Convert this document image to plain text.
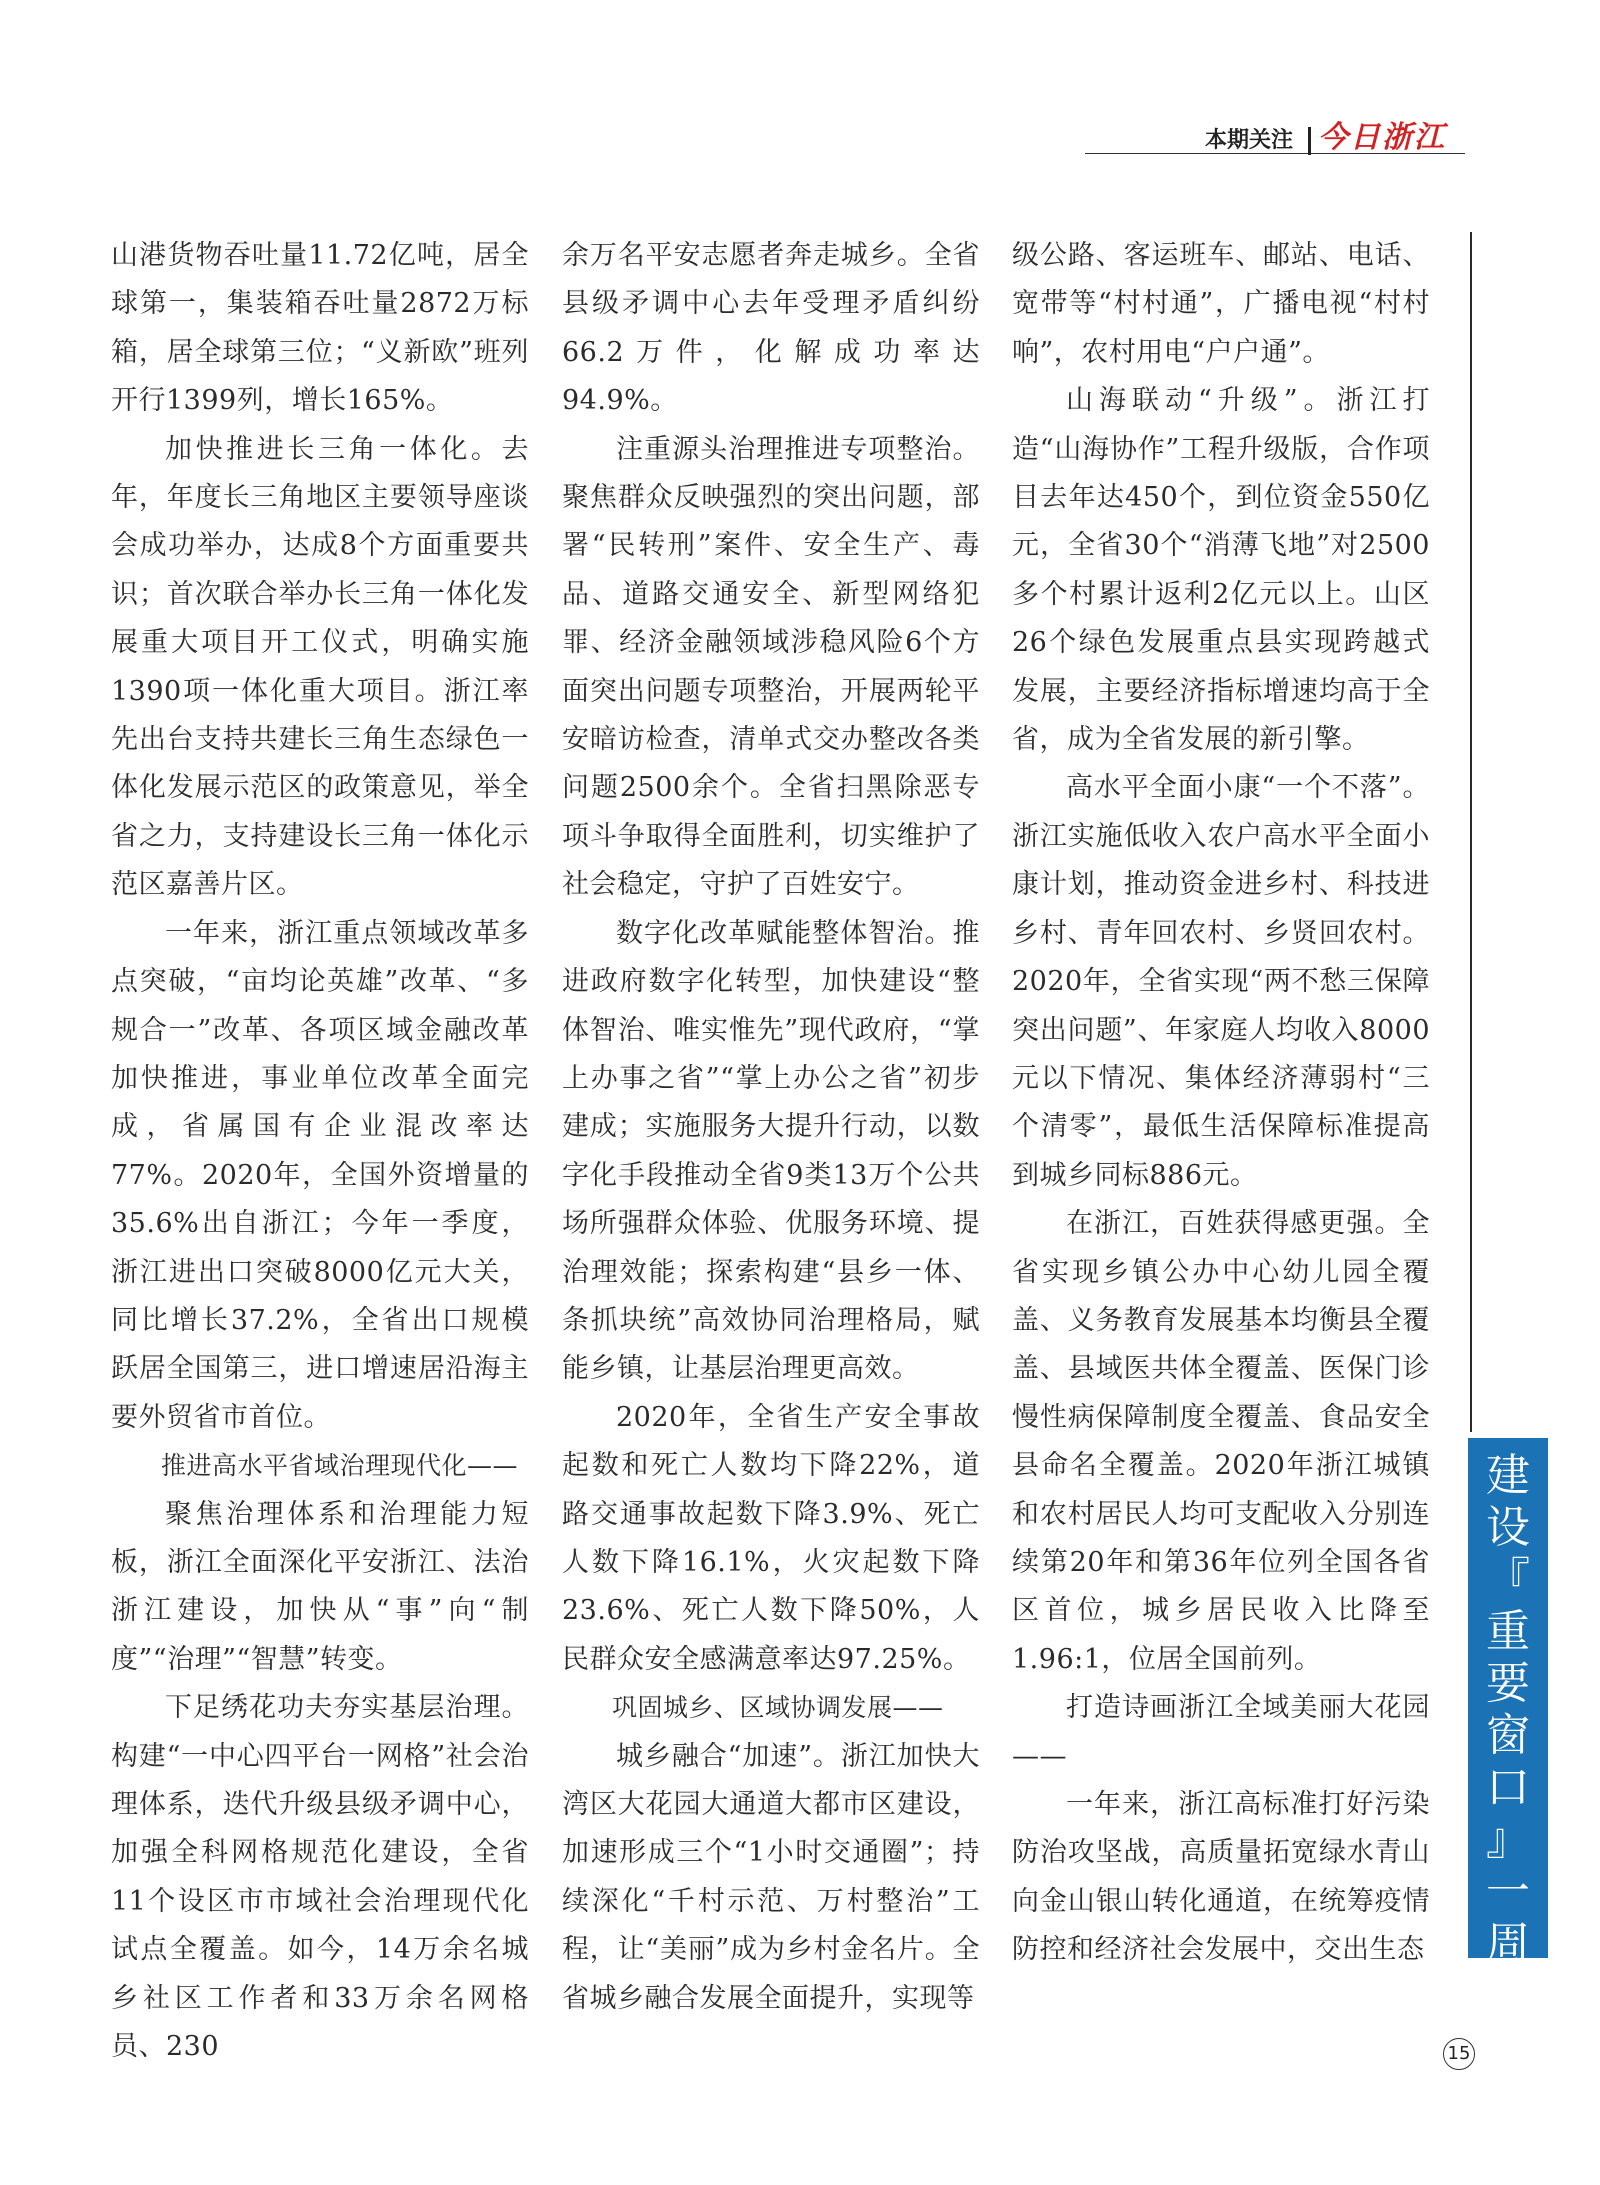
本期关注 今日浙江

山港货物吞吐量11.72亿吨，居全球第一，集装箱吞吐量2872万标箱，居全球第三位；“义新欧”班列开行1399列，增长165%。

加快推进长三角一体化。去年，年度长三角地区主要领导座谈会成功举办，达成8个方面重要共识；首次联合举办长三角一体化发展重大项目开工仪式，明确实施1390项一体化重大项目。浙江率先出台支持共建长三角生态绿色一体化发展示范区的政策意见，举全省之力，支持建设长三角一体化示范区嘉善片区。

一年来，浙江重点领域改革多点突破，“亩均论英雄”改革、“多规合一”改革、各项区域金融改革加快推进，事业单位改革全面完成，省属国有企业混改率达77%。2020年，全国外资增量的35.6%出自浙江；今年一季度，浙江进出口突破8000亿元大关，同比增长37.2%，全省出口规模跃居全国第三，进口增速居沿海主要外贸省市首位。

推进高水平省域治理现代化——

聚焦治理体系和治理能力短板，浙江全面深化平安浙江、法治浙江建设，加快从“事”向“制度”“治理”“智慧”转变。

下足绣花功夫夯实基层治理。构建“一中心四平台一网格”社会治理体系，迭代升级县级矛调中心，加强全科网格规范化建设，全省11个设区市市域社会治理现代化试点全覆盖。如今，14万余名城乡社区工作者和33万余名网格员、230

余万名平安志愿者奔走城乡。全省县级矛调中心去年受理矛盾纠纷66.2万件，化解成功率达94.9%。

注重源头治理推进专项整治。聚焦群众反映强烈的突出问题，部署“民转刑”案件、安全生产、毒品、道路交通安全、新型网络犯罪、经济金融领域涉稳风险6个方面突出问题专项整治，开展两轮平安暗访检查，清单式交办整改各类问题2500余个。全省扫黑除恶专项斗争取得全面胜利，切实维护了社会稳定，守护了百姓安宁。

数字化改革赋能整体智治。推进政府数字化转型，加快建设“整体智治、唯实惟先”现代政府，“掌上办事之省”“掌上办公之省”初步建成；实施服务大提升行动，以数字化手段推动全省9类13万个公共场所强群众体验、优服务环境、提治理效能；探索构建“县乡一体、条抓块统”高效协同治理格局，赋能乡镇，让基层治理更高效。

2020年，全省生产安全事故起数和死亡人数均下降22%，道路交通事故起数下降3.9%、死亡人数下降16.1%，火灾起数下降23.6%、死亡人数下降50%，人民群众安全感满意率达97.25%。

巩固城乡、区域协调发展——

城乡融合“加速”。浙江加快大湾区大花园大通道大都市区建设，加速形成三个“1小时交通圈”；持续深化“千村示范、万村整治”工程，让“美丽”成为乡村金名片。全省城乡融合发展全面提升，实现等

级公路、客运班车、邮站、电话、宽带等“村村通”，广播电视“村村响”，农村用电“户户通”。

山海联动“升级”。浙江打造“山海协作”工程升级版，合作项目去年达450个，到位资金550亿元，全省30个“消薄飞地”对2500多个村累计返利2亿元以上。山区26个绿色发展重点县实现跨越式发展，主要经济指标增速均高于全省，成为全省发展的新引擎。

高水平全面小康“一个不落”。浙江实施低收入农户高水平全面小康计划，推动资金进乡村、科技进乡村、青年回农村、乡贤回农村。2020年，全省实现“两不愁三保障突出问题”、年家庭人均收入8000元以下情况、集体经济薄弱村“三个清零”，最低生活保障标准提高到城乡同标886元。

在浙江，百姓获得感更强。全省实现乡镇公办中心幼儿园全覆盖、义务教育发展基本均衡县全覆盖、县域医共体全覆盖、医保门诊慢性病保障制度全覆盖、食品安全县命名全覆盖。2020年浙江城镇和农村居民人均可支配收入分别连续第20年和第36年位列全国各省区首位，城乡居民收入比降至1.96:1，位居全国前列。

打造诗画浙江全域美丽大花园——

一年来，浙江高标准打好污染防治攻坚战，高质量拓宽绿水青山向金山银山转化通道，在统筹疫情防控和经济社会发展中，交出生态

建
设
『
重
要
窗
口
』
一
周
年
15
